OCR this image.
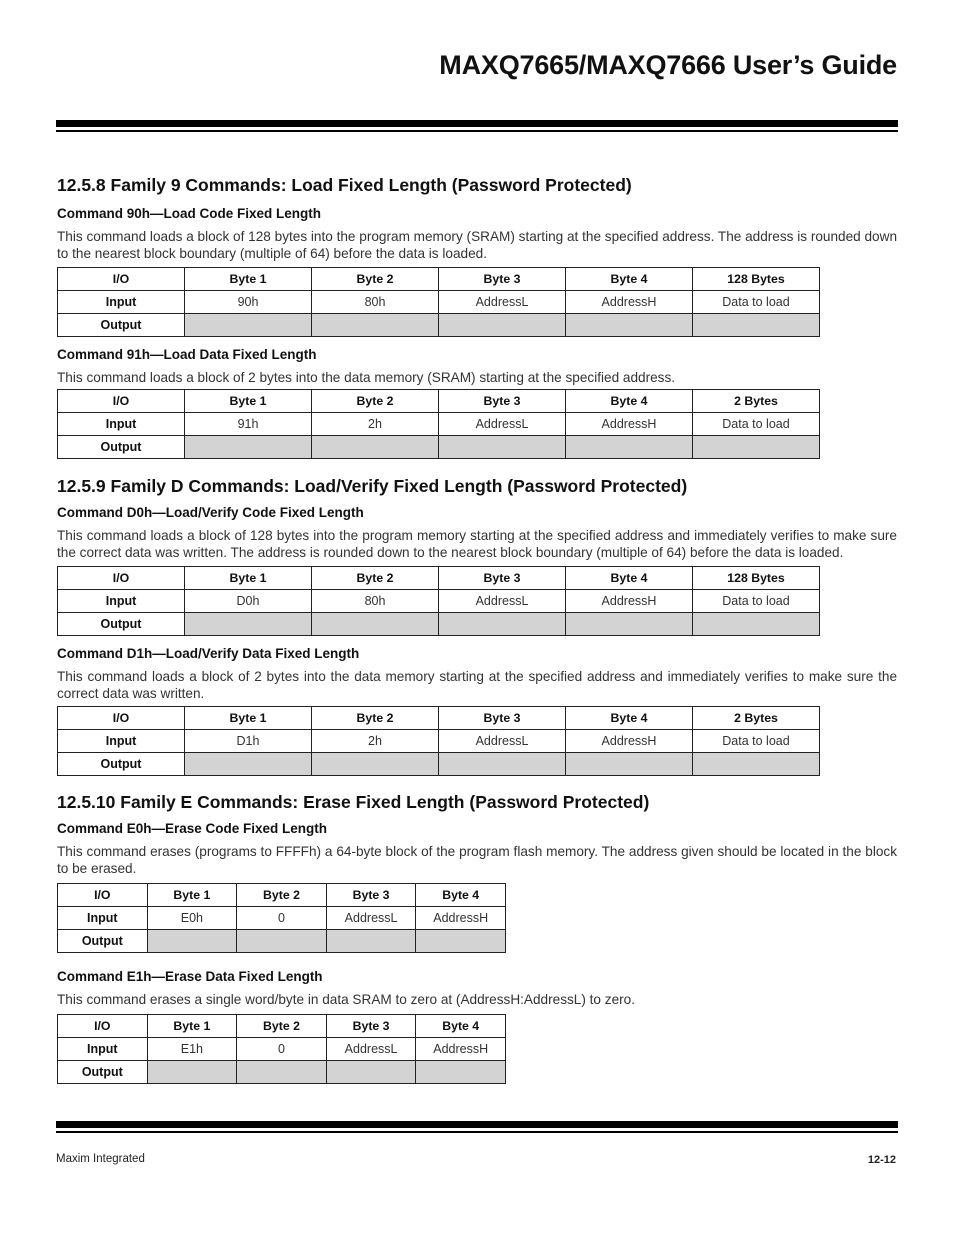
MAXQ7665/MAXQ7666 User’s Guide
12.5.8 Family 9 Commands: Load Fixed Length (Password Protected)
Command 90h—Load Code Fixed Length

This command loads a block of 128 bytes into the program memory (SRAM) starting at the specified address. The address is rounded down to the nearest block boundary (multiple of 64) before the data is loaded.

I/O	Byte 1	Byte 2	Byte 3	Byte 4	128 Bytes
Input	90h	80h	AddressL	AddressH	Data to load
Output					
Command 91h—Load Data Fixed Length

This command loads a block of 2 bytes into the data memory (SRAM) starting at the specified address.

I/O	Byte 1	Byte 2	Byte 3	Byte 4	2 Bytes
Input	91h	2h	AddressL	AddressH	Data to load
Output					
12.5.9 Family D Commands: Load/Verify Fixed Length (Password Protected)
Command D0h—Load/Verify Code Fixed Length

This command loads a block of 128 bytes into the program memory starting at the specified address and immediately verifies to make sure the correct data was written. The address is rounded down to the nearest block boundary (multiple of 64) before the data is loaded.

I/O	Byte 1	Byte 2	Byte 3	Byte 4	128 Bytes
Input	D0h	80h	AddressL	AddressH	Data to load
Output					
Command D1h—Load/Verify Data Fixed Length

This command loads a block of 2 bytes into the data memory starting at the specified address and immediately verifies to make sure the correct data was written.

I/O	Byte 1	Byte 2	Byte 3	Byte 4	2 Bytes
Input	D1h	2h	AddressL	AddressH	Data to load
Output					
12.5.10 Family E Commands: Erase Fixed Length (Password Protected)
Command E0h—Erase Code Fixed Length

This command erases (programs to FFFFh) a 64-byte block of the program flash memory. The address given should be located in the block to be erased.

I/O	Byte 1	Byte 2	Byte 3	Byte 4
Input	E0h	0	AddressL	AddressH
Output				
Command E1h—Erase Data Fixed Length

This command erases a single word/byte in data SRAM to zero at (AddressH:AddressL) to zero.

I/O	Byte 1	Byte 2	Byte 3	Byte 4
Input	E1h	0	AddressL	AddressH
Output				
Maxim Integrated	12-12
